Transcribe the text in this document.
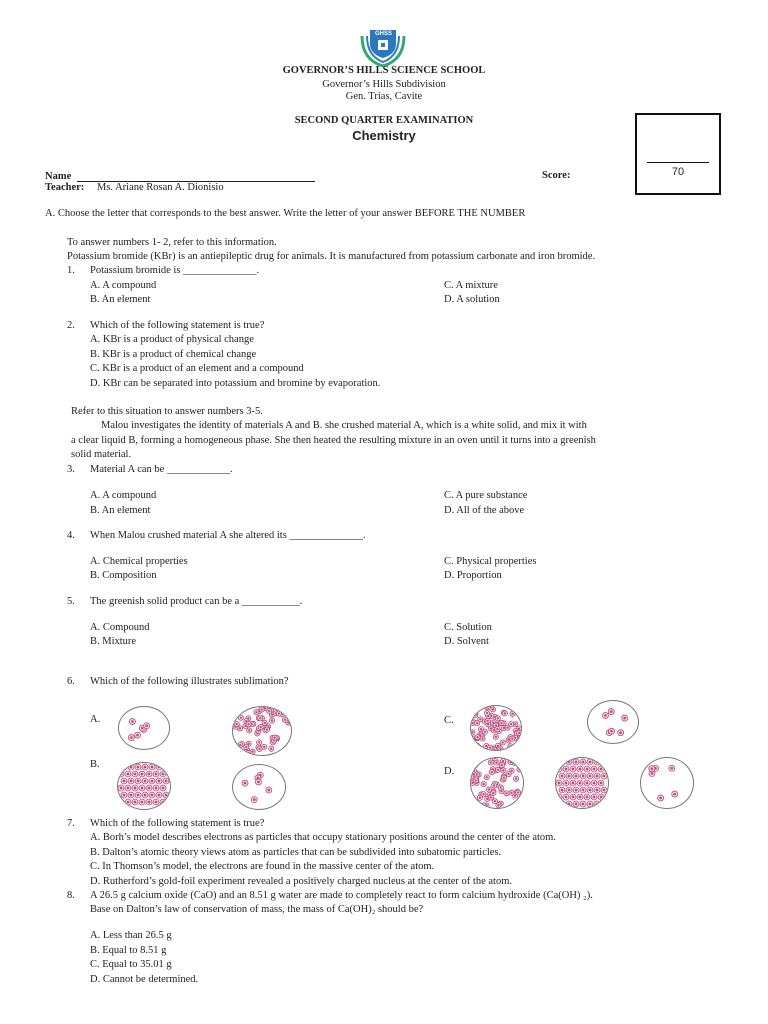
GHSS
GOVERNOR’S HILLS SCIENCE SCHOOL
Governor’s Hills Subdivision
Gen. Trias, Cavite
SECOND QUARTER EXAMINATION
Chemistry
70
Name
Teacher: Ms. Ariane Rosan A. Dionisio
Score:
A. Choose the letter that corresponds to the best answer. Write the letter of your answer BEFORE THE NUMBER
To answer numbers 1- 2, refer to this information.
Potassium bromide (KBr) is an antiepileptic drug for animals. It is manufactured from potassium carbonate and iron bromide.
1. Potassium bromide is ______________.
A. A compound
B. An element
C. A mixture
D. A solution
2. Which of the following statement is true?
A. KBr is a product of physical change
B. KBr is a product of chemical change
C. KBr is a product of an element and a compound
D. KBr can be separated into potassium and bromine by evaporation.
Refer to this situation to answer numbers 3-5.
Malou investigates the identity of materials A and B. she crushed material A, which is a white solid, and mix it with
a clear liquid B, forming a homogeneous phase. She then heated the resulting mixture in an oven until it turns into a greenish
solid material.
3. Material A can be ____________.
A. A compound
B. An element
C. A pure substance
D. All of the above
4. When Malou crushed material A she altered its ______________.
A. Chemical properties
B. Composition
C. Physical properties
D. Proportion
5. The greenish solid product can be a ___________.
A. Compound
B. Mixture
C. Solution
D. Solvent
6. Which of the following illustrates sublimation?
A.
B.
C.
D.
7. Which of the following statement is true?
A. Borh’s model describes electrons as particles that occupy stationary positions around the center of the atom.
B. Dalton’s atomic theory views atom as particles that can be subdivided into subatomic particles.
C. In Thomson’s model, the electrons are found in the massive center of the atom.
D. Rutherford’s gold-foil experiment revealed a positively charged nucleus at the center of the atom.
8. A 26.5 g calcium oxide (CaO) and an 8.51 g water are made to completely react to form calcium hydroxide (Ca(OH) ₂).
Base on Dalton’s law of conservation of mass, the mass of Ca(OH)₂ should be?
A. Less than 26.5 g
B. Equal to 8.51 g
C. Equal to 35.01 g
D. Cannot be determined.
